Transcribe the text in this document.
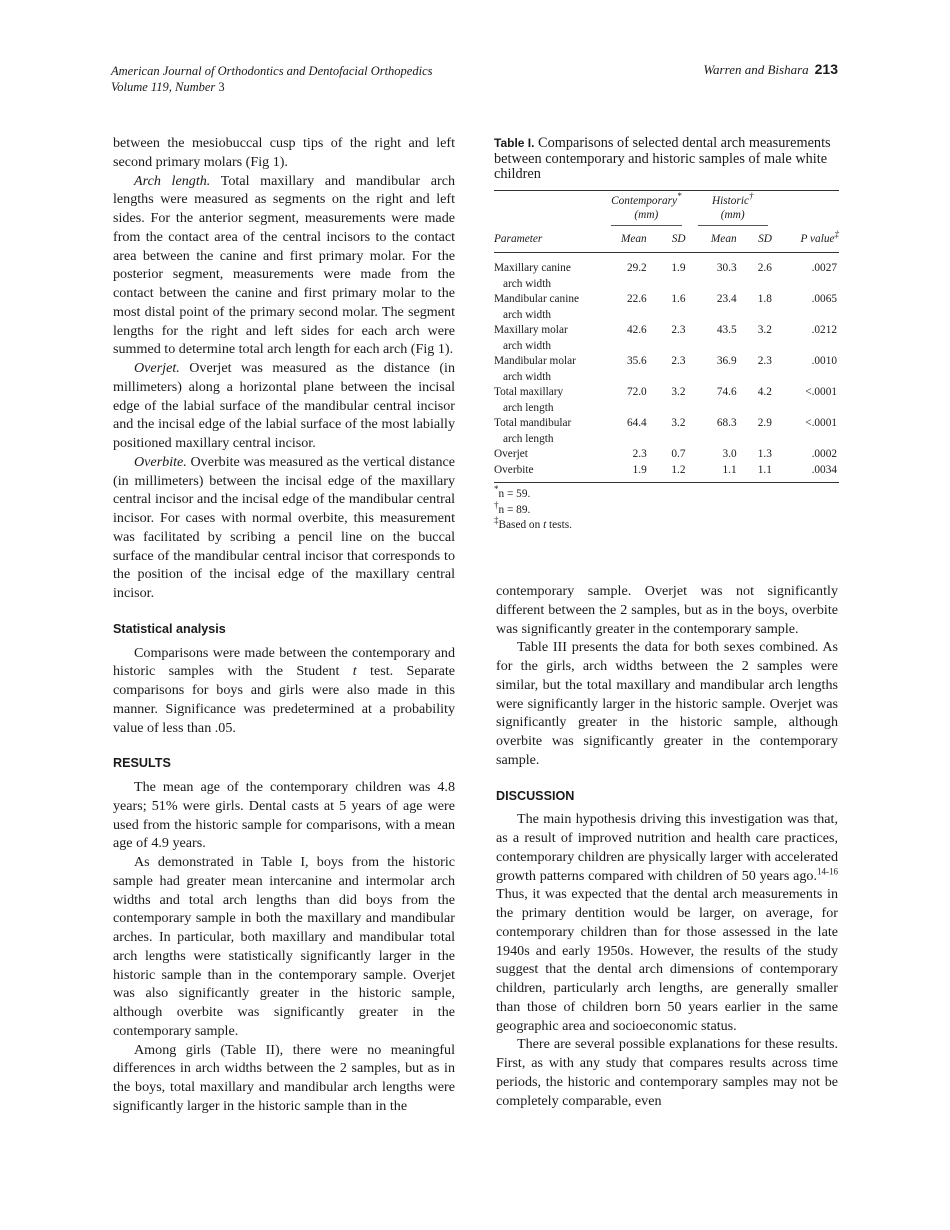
American Journal of Orthodontics and Dentofacial Orthopedics
Volume 119, Number 3
Warren and Bishara 213

between the mesiobuccal cusp tips of the right and left second primary molars (Fig 1).

Arch length. Total maxillary and mandibular arch lengths were measured as segments on the right and left sides. For the anterior segment, measurements were made from the contact area of the central incisors to the contact area between the canine and first primary molar. For the posterior segment, measurements were made from the contact between the canine and first primary molar to the most distal point of the primary second molar. The segment lengths for the right and left sides for each arch were summed to determine total arch length for each arch (Fig 1).

Overjet. Overjet was measured as the distance (in millimeters) along a horizontal plane between the incisal edge of the labial surface of the mandibular central incisor and the incisal edge of the labial surface of the most labially positioned maxillary central incisor.

Overbite. Overbite was measured as the vertical distance (in millimeters) between the incisal edge of the maxillary central incisor and the incisal edge of the mandibular central incisor. For cases with normal overbite, this measurement was facilitated by scribing a pencil line on the buccal surface of the mandibular central incisor that corresponds to the position of the incisal edge of the maxillary central incisor.

Statistical analysis

Comparisons were made between the contemporary and historic samples with the Student t test. Separate comparisons for boys and girls were also made in this manner. Significance was predetermined at a probability value of less than .05.

RESULTS

The mean age of the contemporary children was 4.8 years; 51% were girls. Dental casts at 5 years of age were used from the historic sample for comparisons, with a mean age of 4.9 years.

As demonstrated in Table I, boys from the historic sample had greater mean intercanine and intermolar arch widths and total arch lengths than did boys from the contemporary sample in both the maxillary and mandibular arches. In particular, both maxillary and mandibular total arch lengths were statistically significantly larger in the historic sample than in the contemporary sample. Overjet was also significantly greater in the historic sample, although overbite was significantly greater in the contemporary sample.

Among girls (Table II), there were no meaningful differences in arch widths between the 2 samples, but as in the boys, total maxillary and mandibular arch lengths were significantly larger in the historic sample than in the

Table I. Comparisons of selected dental arch measurements between contemporary and historic samples of male white children

	Contemporary*
(mm)		Historic†
(mm)		

Parameter	Mean	SD	Mean	SD	P value‡
Maxillary canine
arch width	29.2	1.9	30.3	2.6	.0027
Mandibular canine
arch width	22.6	1.6	23.4	1.8	.0065
Maxillary molar
arch width	42.6	2.3	43.5	3.2	.0212
Mandibular molar
arch width	35.6	2.3	36.9	2.3	.0010
Total maxillary
arch length	72.0	3.2	74.6	4.2	<.0001
Total mandibular
arch length	64.4	3.2	68.3	2.9	<.0001
Overjet	2.3	0.7	3.0	1.3	.0002
Overbite	1.9	1.2	1.1	1.1	.0034
*n = 59.
†n = 89.
‡Based on t tests.

contemporary sample. Overjet was not significantly different between the 2 samples, but as in the boys, overbite was significantly greater in the contemporary sample.

Table III presents the data for both sexes combined. As for the girls, arch widths between the 2 samples were similar, but the total maxillary and mandibular arch lengths were significantly larger in the historic sample. Overjet was significantly greater in the historic sample, although overbite was significantly greater in the contemporary sample.

DISCUSSION

The main hypothesis driving this investigation was that, as a result of improved nutrition and health care practices, contemporary children are physically larger with accelerated growth patterns compared with children of 50 years ago.$^{14-16}$ Thus, it was expected that the dental arch measurements in the primary dentition would be larger, on average, for contemporary children than for those assessed in the late 1940s and early 1950s. However, the results of the study suggest that the dental arch dimensions of contemporary children, particularly arch lengths, are generally smaller than those of children born 50 years earlier in the same geographic area and socioeconomic status.

There are several possible explanations for these results. First, as with any study that compares results across time periods, the historic and contemporary samples may not be completely comparable, even
